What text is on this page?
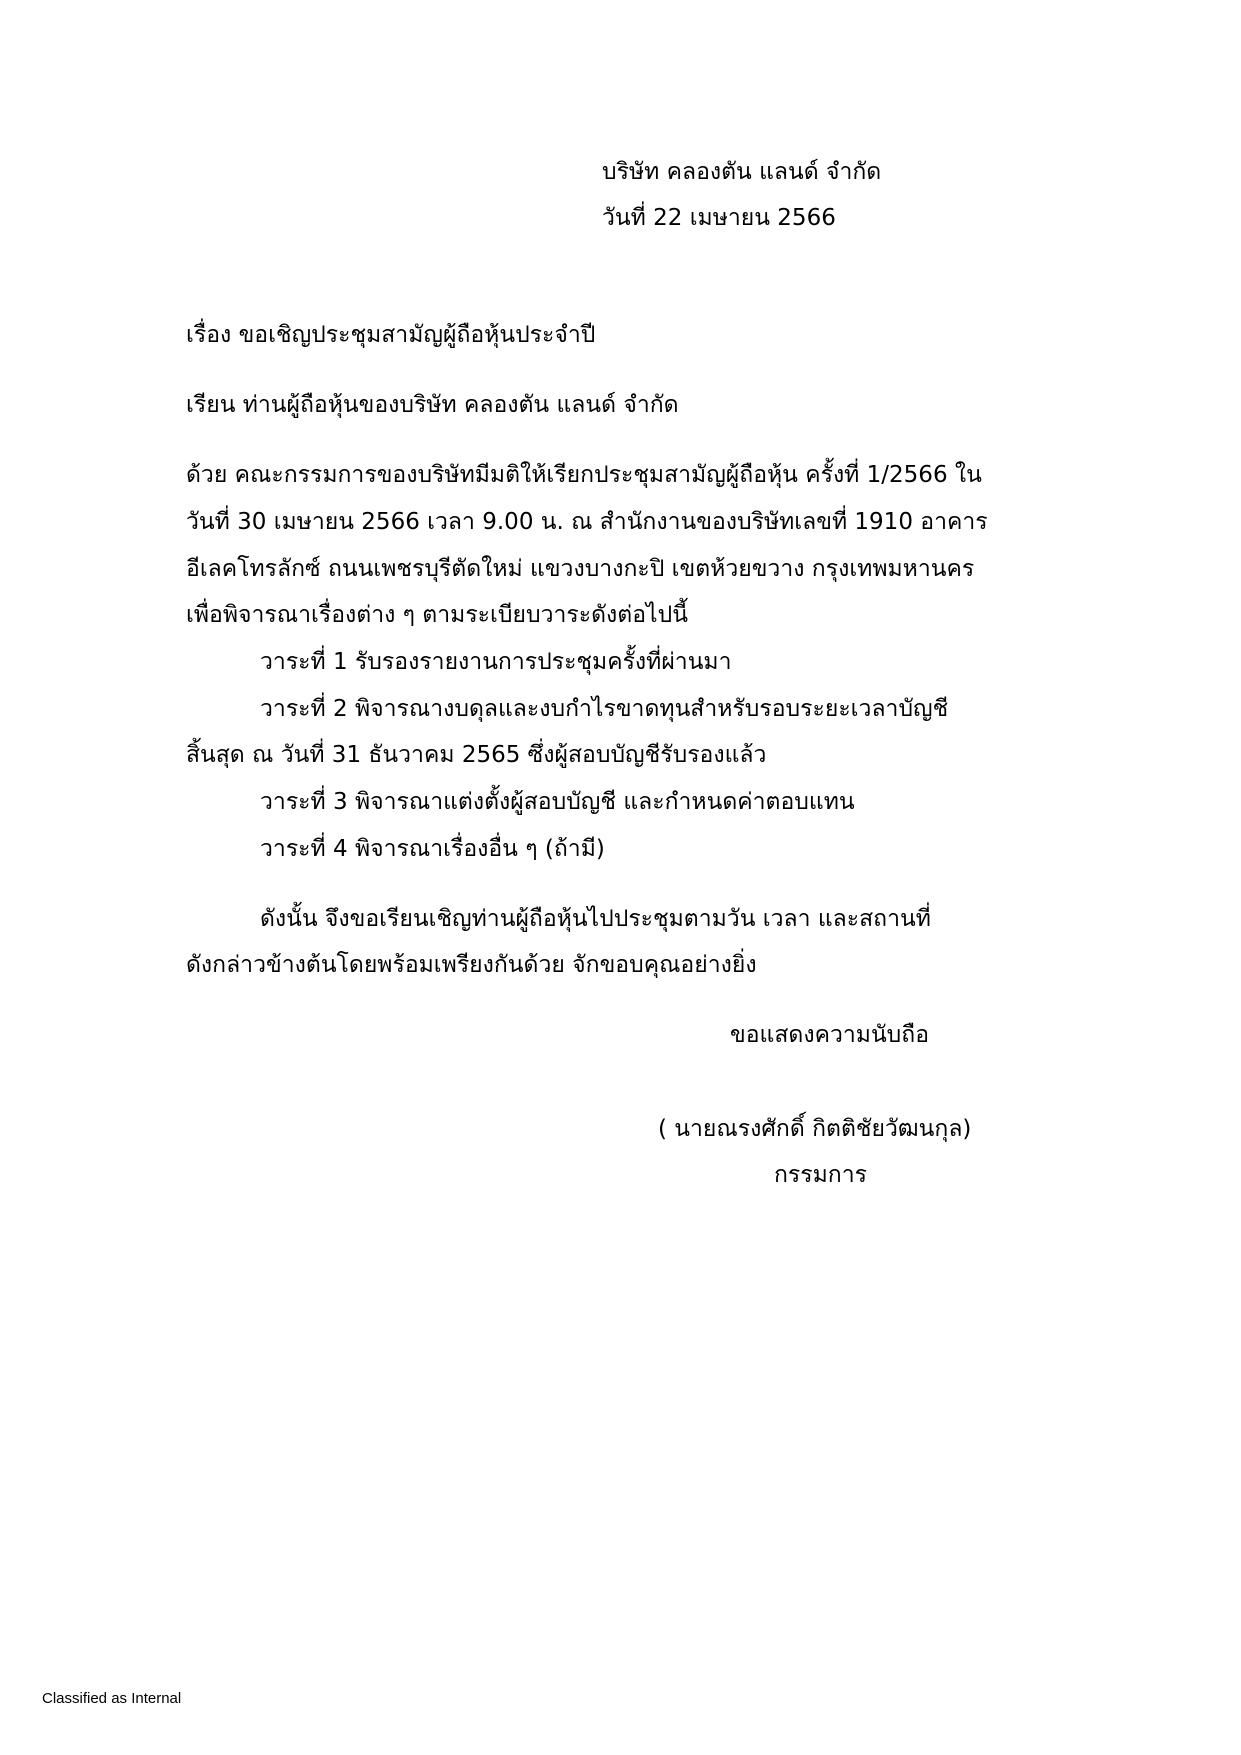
บริษัท คลองตัน แลนด์ จำกัด
วันที่ 22 เมษายน 2566
เรื่อง ขอเชิญประชุมสามัญผู้ถือหุ้นประจำปี
เรียน ท่านผู้ถือหุ้นของบริษัท คลองตัน แลนด์ จำกัด
ด้วย คณะกรรมการของบริษัทมีมติให้เรียกประชุมสามัญผู้ถือหุ้น ครั้งที่ 1/2566 ใน
วันที่ 30 เมษายน 2566 เวลา 9.00 น. ณ สำนักงานของบริษัทเลขที่ 1910 อาคาร
อีเลคโทรลักซ์ ถนนเพชรบุรีตัดใหม่ แขวงบางกะปิ เขตห้วยขวาง กรุงเทพมหานคร
เพื่อพิจารณาเรื่องต่าง ๆ ตามระเบียบวาระดังต่อไปนี้
วาระที่ 1 รับรองรายงานการประชุมครั้งที่ผ่านมา
วาระที่ 2 พิจารณางบดุลและงบกำไรขาดทุนสำหรับรอบระยะเวลาบัญชี
สิ้นสุด ณ วันที่ 31 ธันวาคม 2565 ซึ่งผู้สอบบัญชีรับรองแล้ว
วาระที่ 3 พิจารณาแต่งตั้งผู้สอบบัญชี และกำหนดค่าตอบแทน
วาระที่ 4 พิจารณาเรื่องอื่น ๆ (ถ้ามี)
ดังนั้น จึงขอเรียนเชิญท่านผู้ถือหุ้นไปประชุมตามวัน เวลา และสถานที่
ดังกล่าวข้างต้นโดยพร้อมเพรียงกันด้วย จักขอบคุณอย่างยิ่ง
ขอแสดงความนับถือ
( นายณรงศักดิ์ กิตติชัยวัฒนกุล)
กรรมการ
Classified as Internal
